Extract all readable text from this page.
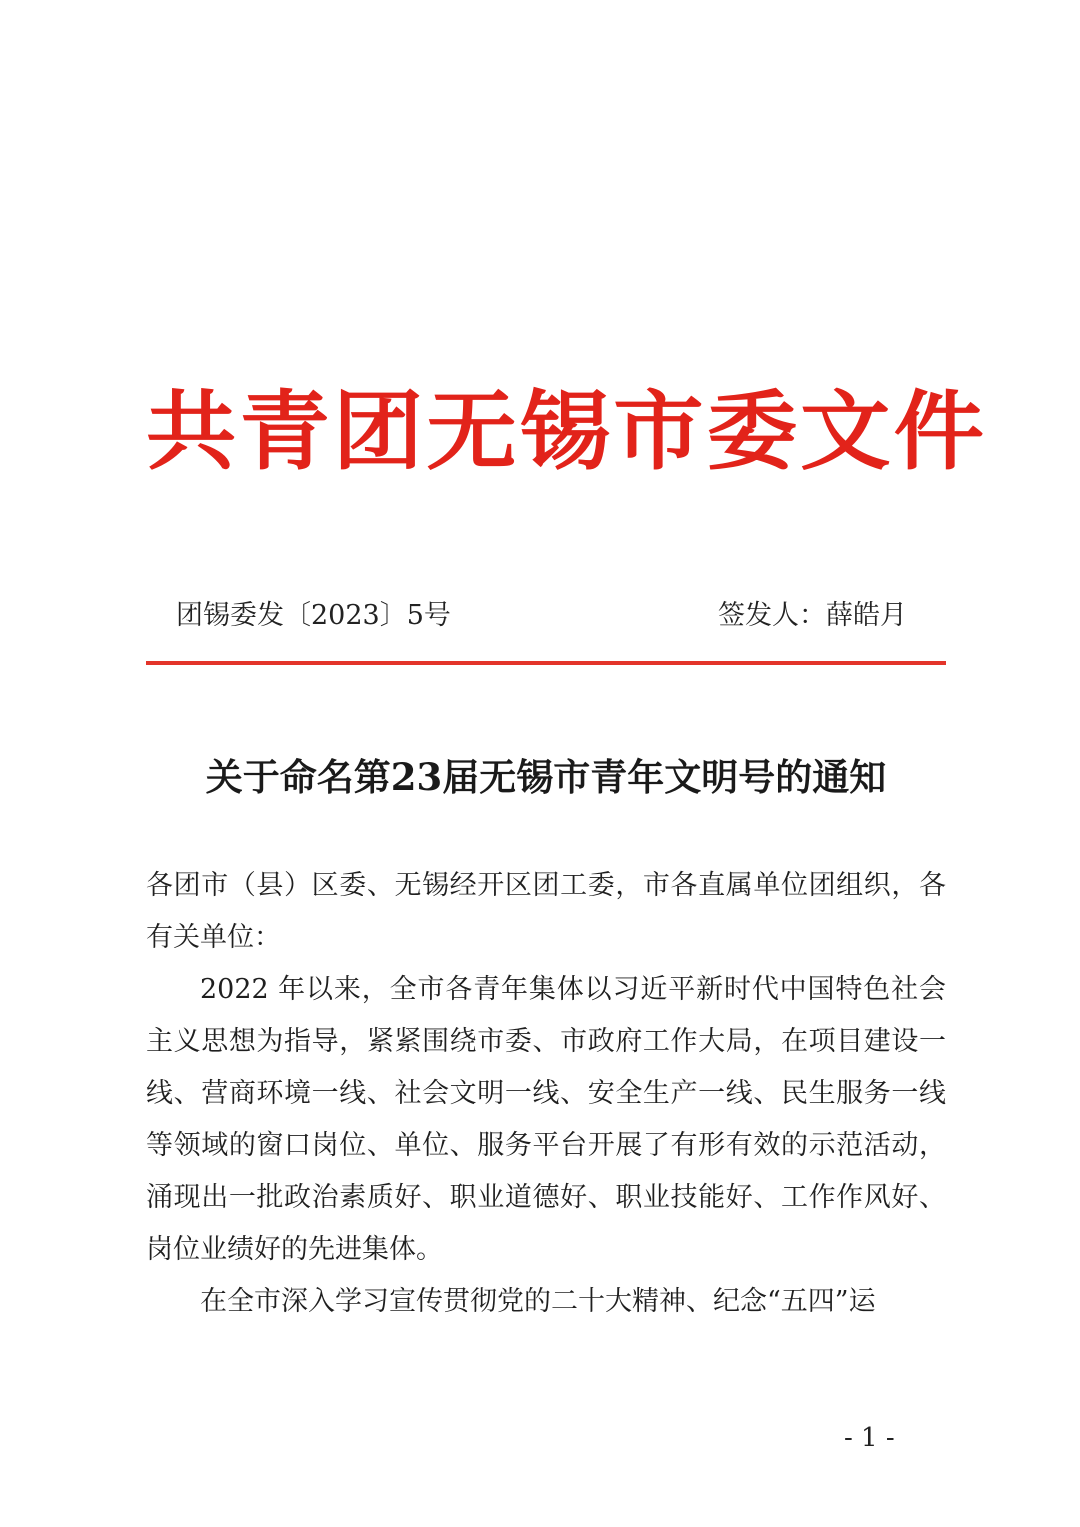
共青团无锡市委文件
团锡委发〔2023〕5号	签发人：薛皓月
关于命名第23届无锡市青年文明号的通知

各团市（县）区委、无锡经开区团工委，市各直属单位团组织，各有关单位：

2022 年以来，全市各青年集体以习近平新时代中国特色社会主义思想为指导，紧紧围绕市委、市政府工作大局，在项目建设一线、营商环境一线、社会文明一线、安全生产一线、民生服务一线等领域的窗口岗位、单位、服务平台开展了有形有效的示范活动，涌现出一批政治素质好、职业道德好、职业技能好、工作作风好、岗位业绩好的先进集体。

在全市深入学习宣传贯彻党的二十大精神、纪念“五四”运

- 1 -
